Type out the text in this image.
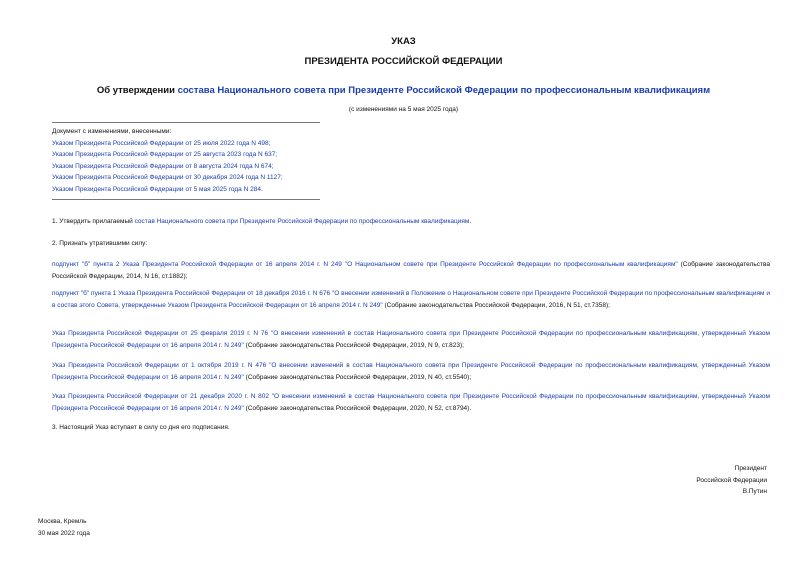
УКАЗ

ПРЕЗИДЕНТА РОССИЙСКОЙ ФЕДЕРАЦИИ

Об утверждении состава Национального совета при Президенте Российской Федерации по профессиональным квалификациям

(с изменениями на 5 мая 2025 года)
Документ с изменениями, внесенными:
Указом Президента Российской Федерации от 25 июля 2022 года N 498;
Указом Президента Российской Федерации от 25 августа 2023 года N 637;
Указом Президента Российской Федерации от 8 августа 2024 года N 674;
Указом Президента Российской Федерации от 30 декабря 2024 года N 1127;
Указом Президента Российской Федерации от 5 мая 2025 года N 284.

1. Утвердить прилагаемый состав Национального совета при Президенте Российской Федерации по профессиональным квалификациям.

2. Признать утратившими силу:

подпункт "б" пункта 2 Указа Президента Российской Федерации от 16 апреля 2014 г. N 249 "О Национальном совете при Президенте Российской Федерации по профессиональным квалификациям" (Собрание законодательства Российской Федерации, 2014, N 16, ст.1882);

подпункт "б" пункта 1 Указа Президента Российской Федерации от 18 декабря 2016 г. N 676 "О внесении изменений в Положение о Национальном совете при Президенте Российской Федерации по профессиональным квалификациям и в состав этого Совета, утвержденные Указом Президента Российской Федерации от 16 апреля 2014 г. N 249" (Собрание законодательства Российской Федерации, 2016, N 51, ст.7358);

Указ Президента Российской Федерации от 25 февраля 2019 г. N 76 "О внесении изменений в состав Национального совета при Президенте Российской Федерации по профессиональным квалификациям, утвержденный Указом Президента Российской Федерации от 16 апреля 2014 г. N 249" (Собрание законодательства Российской Федерации, 2019, N 9, ст.823);

Указ Президента Российской Федерации от 1 октября 2019 г. N 476 "О внесении изменений в состав Национального совета при Президенте Российской Федерации по профессиональным квалификациям, утвержденный Указом Президента Российской Федерации от 16 апреля 2014 г. N 249" (Собрание законодательства Российской Федерации, 2019, N 40, ст.5540);

Указ Президента Российской Федерации от 21 декабря 2020 г. N 802 "О внесении изменений в состав Национального совета при Президенте Российской Федерации по профессиональным квалификациям, утвержденный Указом Президента Российской Федерации от 16 апреля 2014 г. N 249" (Собрание законодательства Российской Федерации, 2020, N 52, ст.8794).

3. Настоящий Указ вступает в силу со дня его подписания.

Президент
Российской Федерации
В.Путин
Москва, Кремль
30 мая 2022 года
